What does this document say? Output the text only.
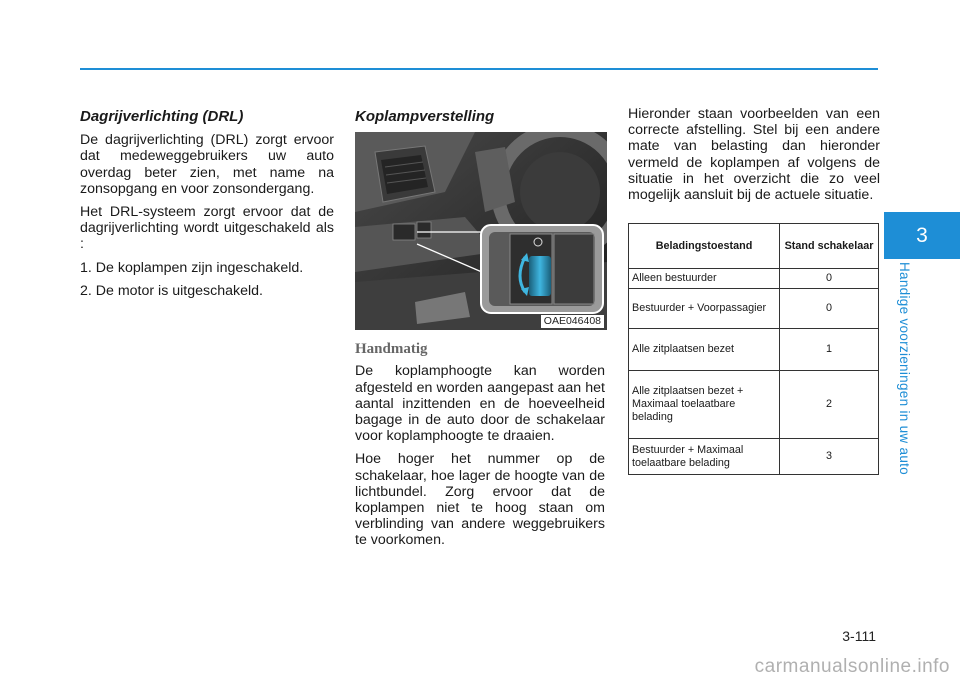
Dagrijverlichting (DRL)

De dagrijverlichting (DRL) zorgt ervoor dat medeweggebruikers uw auto overdag beter zien, met name na zonsopgang en voor zonsondergang.

Het DRL-systeem zorgt ervoor dat de dagrijverlichting wordt uitgeschakeld als :

1. De koplampen zijn ingeschakeld.

2. De motor is uitgeschakeld.

Koplampverstelling
OAE046408
Handmatig

De koplamphoogte kan worden afgesteld en worden aangepast aan het aantal inzittenden en de hoeveelheid bagage in de auto door de schakelaar voor koplamphoogte te draaien.

Hoe hoger het nummer op de schakelaar, hoe lager de hoogte van de lichtbundel. Zorg ervoor dat de koplampen niet te hoog staan om verblinding van andere weggebruikers te voorkomen.

Hieronder staan voorbeelden van een correcte afstelling. Stel bij een andere mate van belasting dan hieronder vermeld de koplampen af volgens de situatie in het overzicht die zo veel mogelijk aansluit bij de actuele situatie.

Beladingstoestand	Stand schakelaar
Alleen bestuurder	0
Bestuurder + Voorpassagier	0
Alle zitplaatsen bezet	1
Alle zitplaatsen bezet + Maximaal toelaatbare belading	2
Bestuurder + Maximaal toelaatbare belading	3
3
Handige voorzieningen in uw auto
3-111
carmanualsonline.info
